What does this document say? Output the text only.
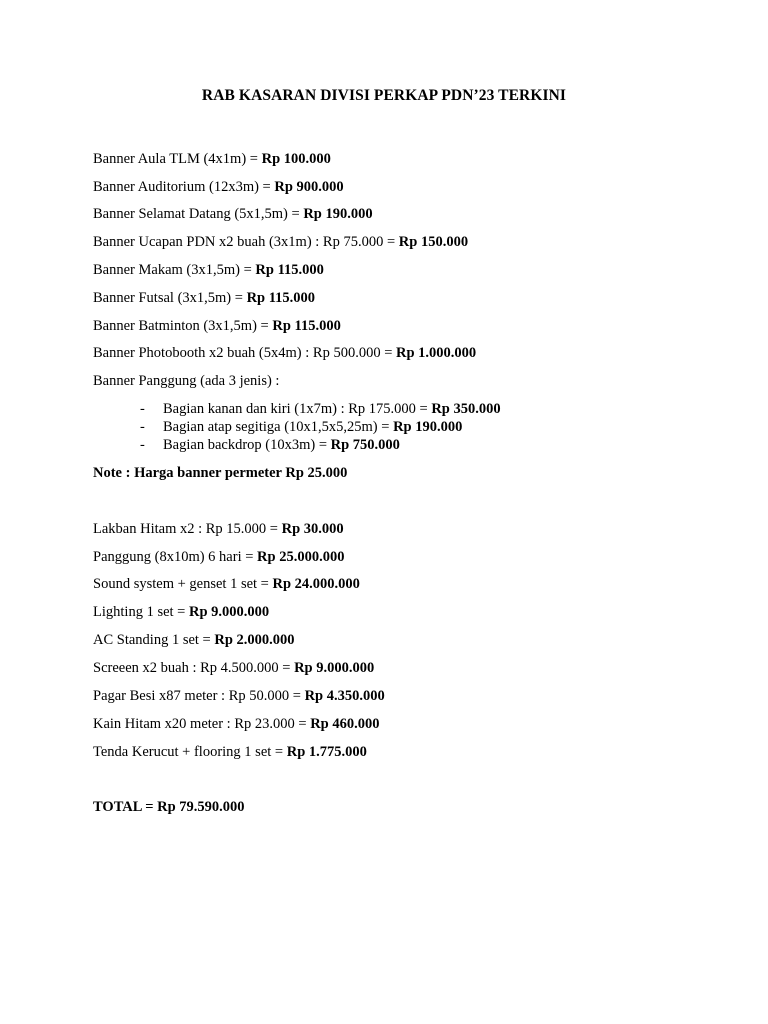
RAB KASARAN DIVISI PERKAP PDN’23 TERKINI
Banner Aula TLM (4x1m) = Rp 100.000
Banner Auditorium (12x3m) = Rp 900.000
Banner Selamat Datang (5x1,5m) = Rp 190.000
Banner Ucapan PDN x2 buah (3x1m) : Rp 75.000 = Rp 150.000
Banner Makam (3x1,5m) = Rp 115.000
Banner Futsal (3x1,5m) = Rp 115.000
Banner Batminton (3x1,5m) = Rp 115.000
Banner Photobooth x2 buah (5x4m) : Rp 500.000 = Rp 1.000.000
Banner Panggung (ada 3 jenis) :
- Bagian kanan dan kiri (1x7m) : Rp 175.000 = Rp 350.000
- Bagian atap segitiga (10x1,5x5,25m) = Rp 190.000
- Bagian backdrop (10x3m) = Rp 750.000
Note : Harga banner permeter Rp 25.000
Lakban Hitam x2 : Rp 15.000 = Rp 30.000
Panggung (8x10m) 6 hari = Rp 25.000.000
Sound system + genset 1 set = Rp 24.000.000
Lighting 1 set = Rp 9.000.000
AC Standing 1 set = Rp 2.000.000
Screeen x2 buah : Rp 4.500.000 = Rp 9.000.000
Pagar Besi x87 meter : Rp 50.000 = Rp 4.350.000
Kain Hitam x20 meter : Rp 23.000 = Rp 460.000
Tenda Kerucut + flooring 1 set = Rp 1.775.000
TOTAL = Rp 79.590.000
